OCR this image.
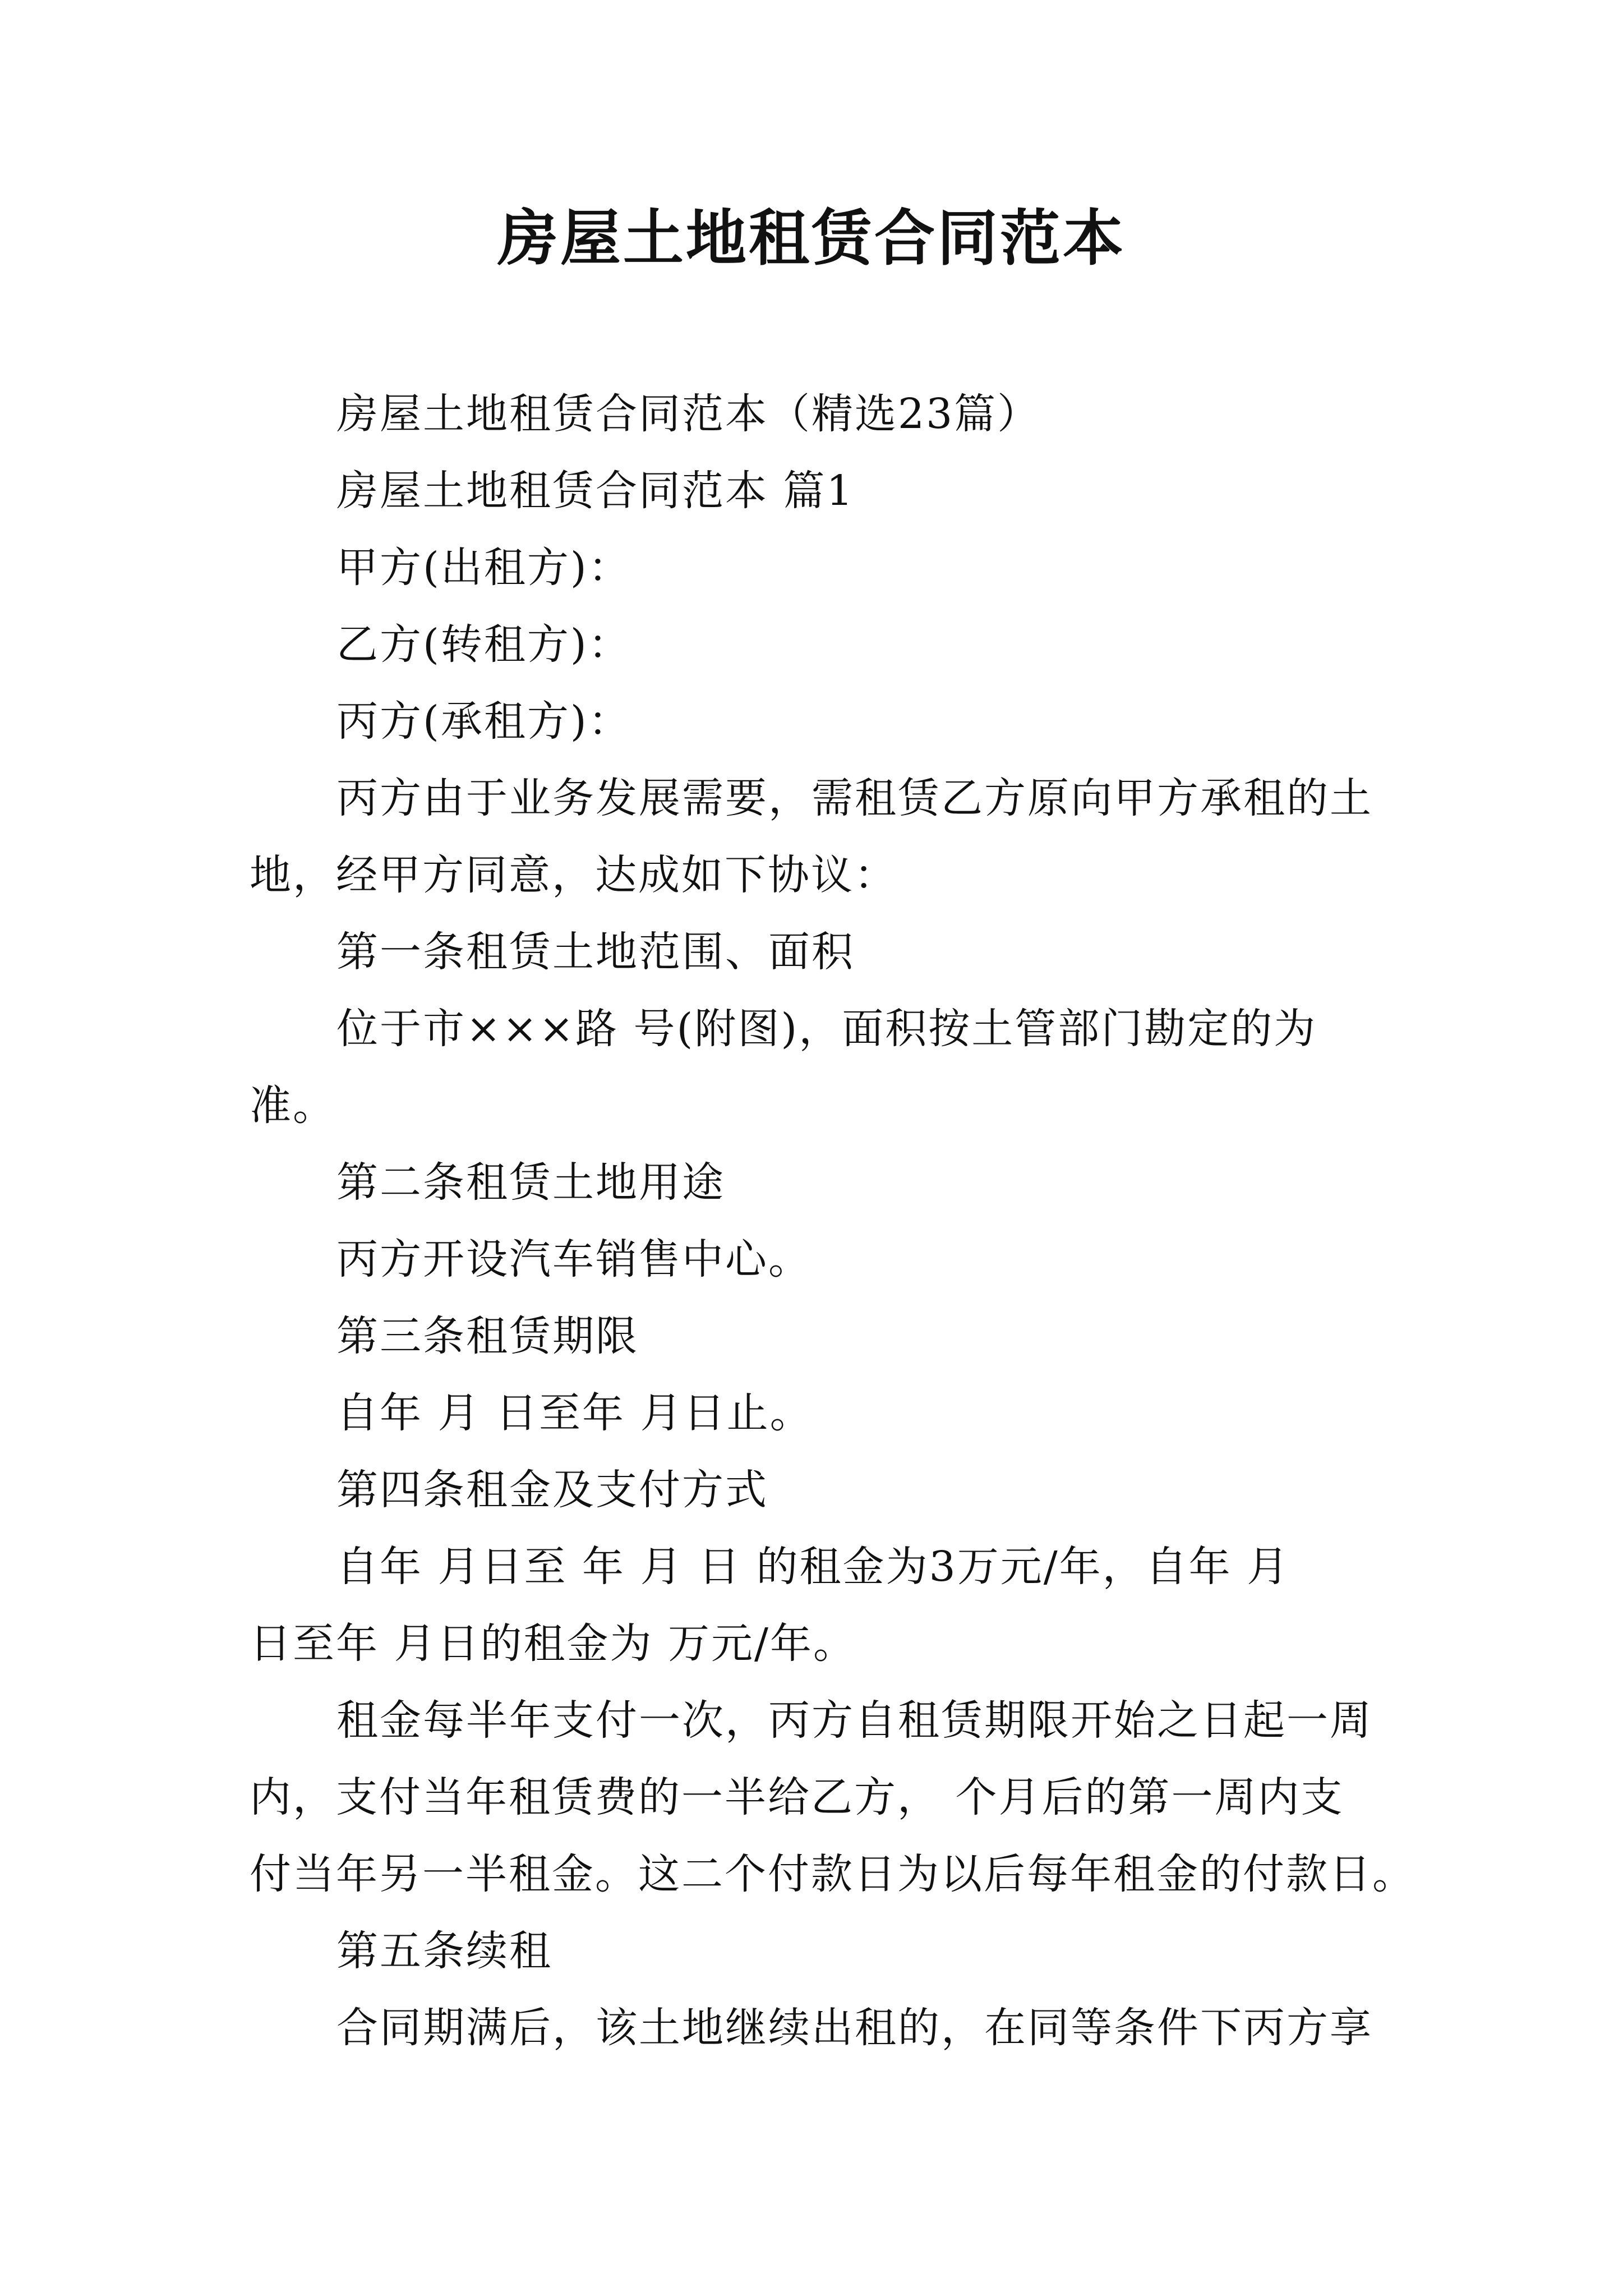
房屋土地租赁合同范本
房屋土地租赁合同范本（精选23篇）
房屋土地租赁合同范本 篇1
甲方(出租方)：
乙方(转租方)：
丙方(承租方)：
丙方由于业务发展需要，需租赁乙方原向甲方承租的土
地，经甲方同意，达成如下协议：
第一条租赁土地范围、面积
位于市×××路 号(附图)，面积按土管部门勘定的为
准。
第二条租赁土地用途
丙方开设汽车销售中心。
第三条租赁期限
自年 月 日至年 月日止。
第四条租金及支付方式
自年 月日至 年 月 日 的租金为3万元/年，自年 月
日至年 月日的租金为 万元/年。
租金每半年支付一次，丙方自租赁期限开始之日起一周
内，支付当年租赁费的一半给乙方， 个月后的第一周内支
付当年另一半租金。这二个付款日为以后每年租金的付款日。
第五条续租
合同期满后，该土地继续出租的，在同等条件下丙方享
